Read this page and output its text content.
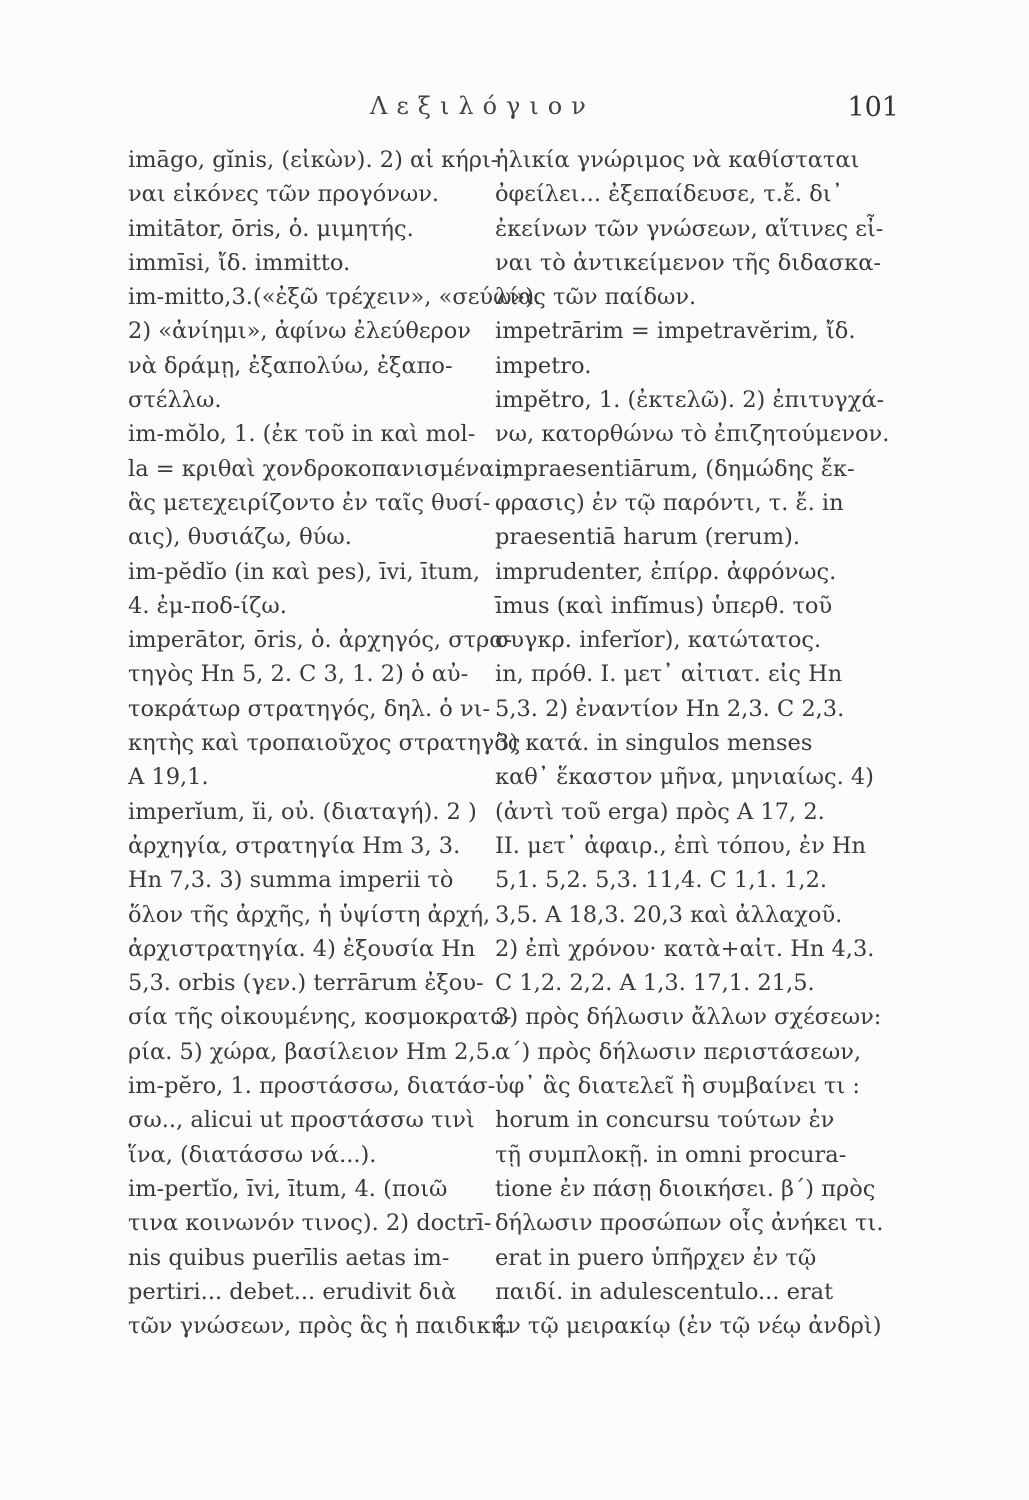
Λεξιλόγιον	101
imāgo, gĭnis, (εἰκὼν). 2) αἱ κήρι-
ναι εἰκόνες τῶν προγόνων.
imitātor, ōris, ὁ. μιμητής.
immīsi, ἴδ. immitto.
im-mitto,3.(«ἐξῶ τρέχειν», «σεύω»).
2) «ἀνίημι», ἀφίνω ἐλεύθερον
νὰ δράμῃ, ἐξαπολύω, ἐξαπο-
στέλλω.
im-mŏlo, 1. (ἐκ τοῦ in καὶ mol-
la = κριθαὶ χονδροκοπανισμέναι,
ἃς μετεχειρίζοντο ἐν ταῖς θυσί-
αις), θυσιάζω, θύω.
im-pĕdĭo (in καὶ pes), īvi, ītum,
4. ἐμ-ποδ-ίζω.
imperātor, ōris, ὁ. ἀρχηγός, στρα-
τηγὸς Hn 5, 2. C 3, 1. 2) ὁ αὐ-
τοκράτωρ στρατηγός, δηλ. ὁ νι-
κητὴς καὶ τροπαιοῦχος στρατηγὸς
A 19,1.
imperĭum, ĭi, οὐ. (διαταγή). 2 )
ἀρχηγία, στρατηγία Hm 3, 3.
Hn 7,3. 3) summa imperii τὸ
ὅλον τῆς ἀρχῆς, ἡ ὑψίστη ἀρχή,
ἀρχιστρατηγία. 4) ἐξουσία Hn
5,3. orbis (γεν.) terrārum ἐξου-
σία τῆς οἰκουμένης, κοσμοκρατο-
ρία. 5) χώρα, βασίλειον Hm 2,5.
im-pĕro, 1. προστάσσω, διατάσ-
σω.., alicui ut προστάσσω τινὶ
ἵνα, (διατάσσω νά...).
im-pertĭo, īvi, ītum, 4. (ποιῶ
τινα κοινωνόν τινος). 2) doctrī-
nis quibus puerīlis aetas im-
pertiri... debet... erudivit διὰ
τῶν γνώσεων, πρὸς ἃς ἡ παιδική.
ἡλικία γνώριμος νὰ καθίσταται
ὀφείλει... ἐξεπαίδευσε, τ.ἔ. δι᾽
ἐκείνων τῶν γνώσεων, αἵτινες εἶ-
ναι τὸ ἀντικείμενον τῆς διδασκα-
λίας τῶν παίδων.
impetrārim = impetravĕrim, ἴδ.
impetro.
impĕtro, 1. (ἐκτελῶ). 2) ἐπιτυγχά-
νω, κατορθώνω τὸ ἐπιζητούμενον.
impraesentiārum, (δημώδης ἔκ-
φρασις) ἐν τῷ παρόντι, τ. ἔ. in
praesentiā harum (rerum).
imprudenter, ἐπίρρ. ἀφρόνως.
īmus (καὶ infĭmus) ὑπερθ. τοῦ
συγκρ. inferĭor), κατώτατος.
in, πρόθ. I. μετ᾽ αἰτιατ. εἰς Hn
5,3. 2) ἐναντίον Hn 2,3. C 2,3.
3) κατά. in singulos menses
καθ᾽ ἕκαστον μῆνα, μηνιαίως. 4)
(ἀντὶ τοῦ erga) πρὸς A 17, 2.
II. μετ᾽ ἀφαιρ., ἐπὶ τόπου, ἐν Hn
5,1. 5,2. 5,3. 11,4. C 1,1. 1,2.
3,5. A 18,3. 20,3 καὶ ἀλλαχοῦ.
2) ἐπὶ χρόνου· κατὰ+αἰτ. Hn 4,3.
C 1,2. 2,2. A 1,3. 17,1. 21,5.
3) πρὸς δήλωσιν ἄλλων σχέσεων:
α΄) πρὸς δήλωσιν περιστάσεων,
ὑφ᾽ ἃς διατελεῖ ἢ συμβαίνει τι :
horum in concursu τούτων ἐν
τῇ συμπλοκῇ. in omni procura-
tione ἐν πάσῃ διοικήσει. β΄) πρὸς
δήλωσιν προσώπων οἷς ἀνήκει τι.
erat in puero ὑπῆρχεν ἐν τῷ
παιδί. in adulescentulo... erat
ἐν τῷ μειρακίῳ (ἐν τῷ νέῳ ἀνδρὶ)
